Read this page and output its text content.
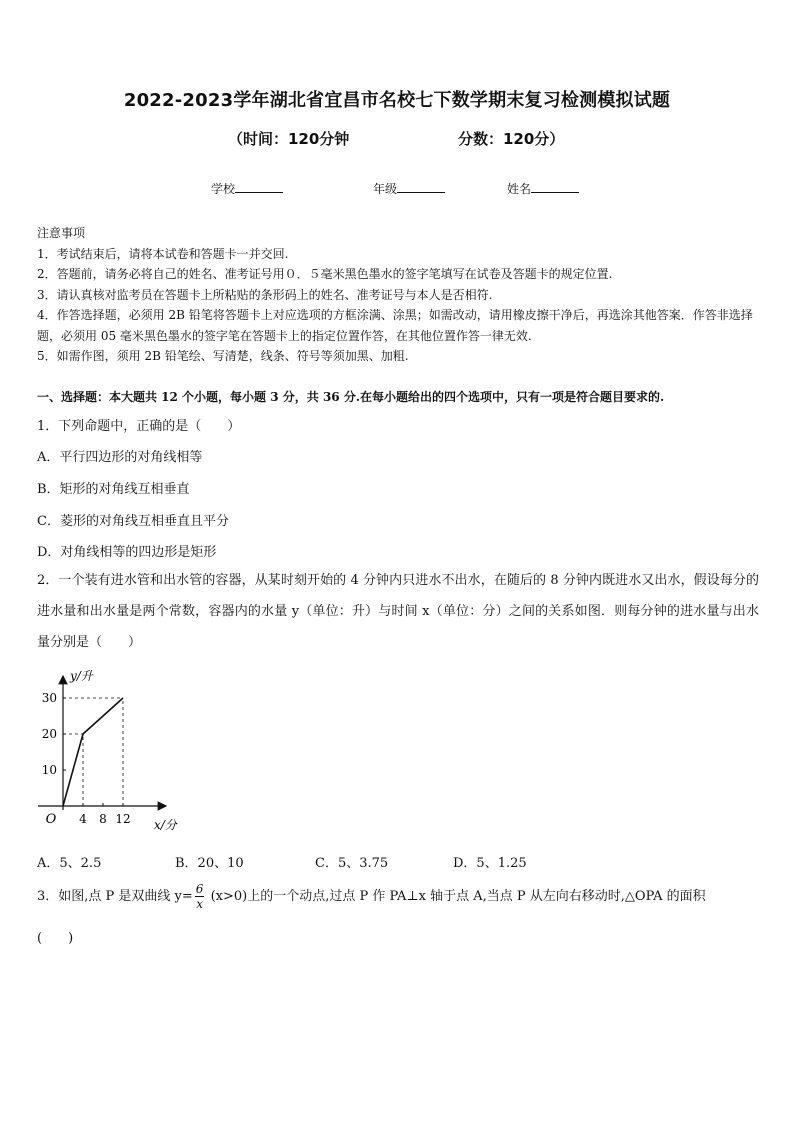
2022-2023学年湖北省宜昌市名校七下数学期末复习检测模拟试题
（时间：120分钟	分数：120分）
学校	年级	姓名

注意事项

1．考试结束后，请将本试卷和答题卡一并交回.

2．答题前，请务必将自己的姓名、准考证号用０．５毫米黑色墨水的签字笔填写在试卷及答题卡的规定位置.

3．请认真核对监考员在答题卡上所粘贴的条形码上的姓名、准考证号与本人是否相符.

4．作答选择题，必须用 2B 铅笔将答题卡上对应选项的方框涂满、涂黑；如需改动，请用橡皮擦干净后，再选涂其他答案．作答非选择题，必须用 05 毫米黑色墨水的签字笔在答题卡上的指定位置作答，在其他位置作答一律无效.

5．如需作图，须用 2B 铅笔绘、写清楚，线条、符号等须加黑、加粗.

一、选择题：本大题共 12 个小题，每小题 3 分，共 36 分.在每小题给出的四个选项中，只有一项是符合题目要求的.
1．下列命题中，正确的是（　　）
A．平行四边形的对角线相等
B．矩形的对角线互相垂直
C．菱形的对角线互相垂直且平分
D．对角线相等的四边形是矩形
2．一个装有进水管和出水管的容器，从某时刻开始的 4 分钟内只进水不出水，在随后的 8 分钟内既进水又出水，假设每分的进水量和出水量是两个常数，容器内的水量 y（单位：升）与时间 x（单位：分）之间的关系如图．则每分钟的进水量与出水量分别是（　　）
10
20
30
4 8 12
O
y/升
x/分
A．5、2.5	B．20、10	C．5、3.75	D．5、1.25
3．如图,点 P 是双曲线 $y= \frac{6}{x} (x>0)$上的一个动点,过点 P 作 PA⊥x 轴于点 A,当点 P 从左向右移动时,△OPA 的面积
(　　)
